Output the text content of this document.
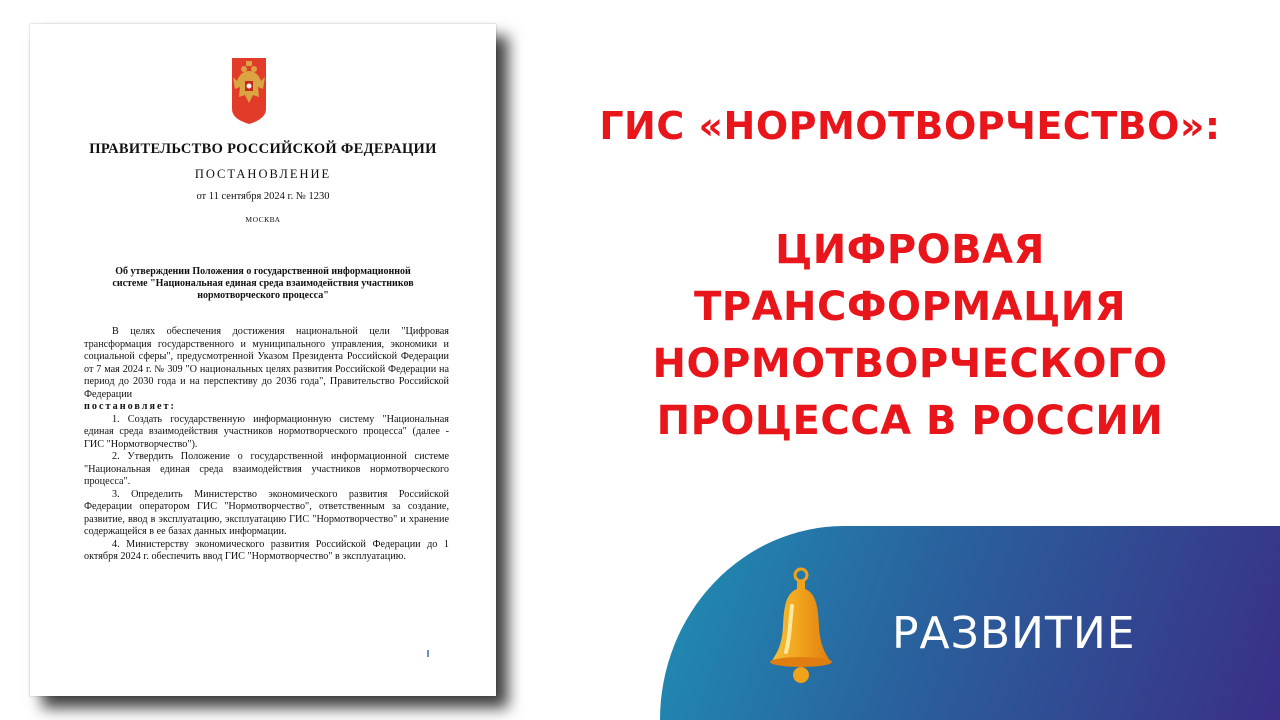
ПРАВИТЕЛЬСТВО РОССИЙСКОЙ ФЕДЕРАЦИИ
ПОСТАНОВЛЕНИЕ
от 11 сентября 2024 г. № 1230
МОСКВА
Об утверждении Положения о государственной информационной системе "Национальная единая среда взаимодействия участников нормотворческого процесса"

В целях обеспечения достижения национальной цели "Цифровая трансформация государственного и муниципального управления, экономики и социальной сферы", предусмотренной Указом Президента Российской Федерации от 7 мая 2024 г. № 309 "О национальных целях развития Российской Федерации на период до 2030 года и на перспективу до 2036 года", Правительство Российской Федерации

постановляет:

1. Создать государственную информационную систему "Национальная единая среда взаимодействия участников нормотворческого процесса" (далее - ГИС "Нормотворчество").

2. Утвердить Положение о государственной информационной системе "Национальная единая среда взаимодействия участников нормотворческого процесса".

3. Определить Министерство экономического развития Российской Федерации оператором ГИС "Нормотворчество", ответственным за создание, развитие, ввод в эксплуатацию, эксплуатацию ГИС "Нормотворчество" и хранение содержащейся в ее базах данных информации.

4. Министерству экономического развития Российской Федерации до 1 октября 2024 г. обеспечить ввод ГИС "Нормотворчество" в эксплуатацию.

ГИС «НОРМОТВОРЧЕСТВО»:
ЦИФРОВАЯ
ТРАНСФОРМАЦИЯ
НОРМОТВОРЧЕСКОГО
ПРОЦЕССА В РОССИИ
РАЗВИТИЕ
